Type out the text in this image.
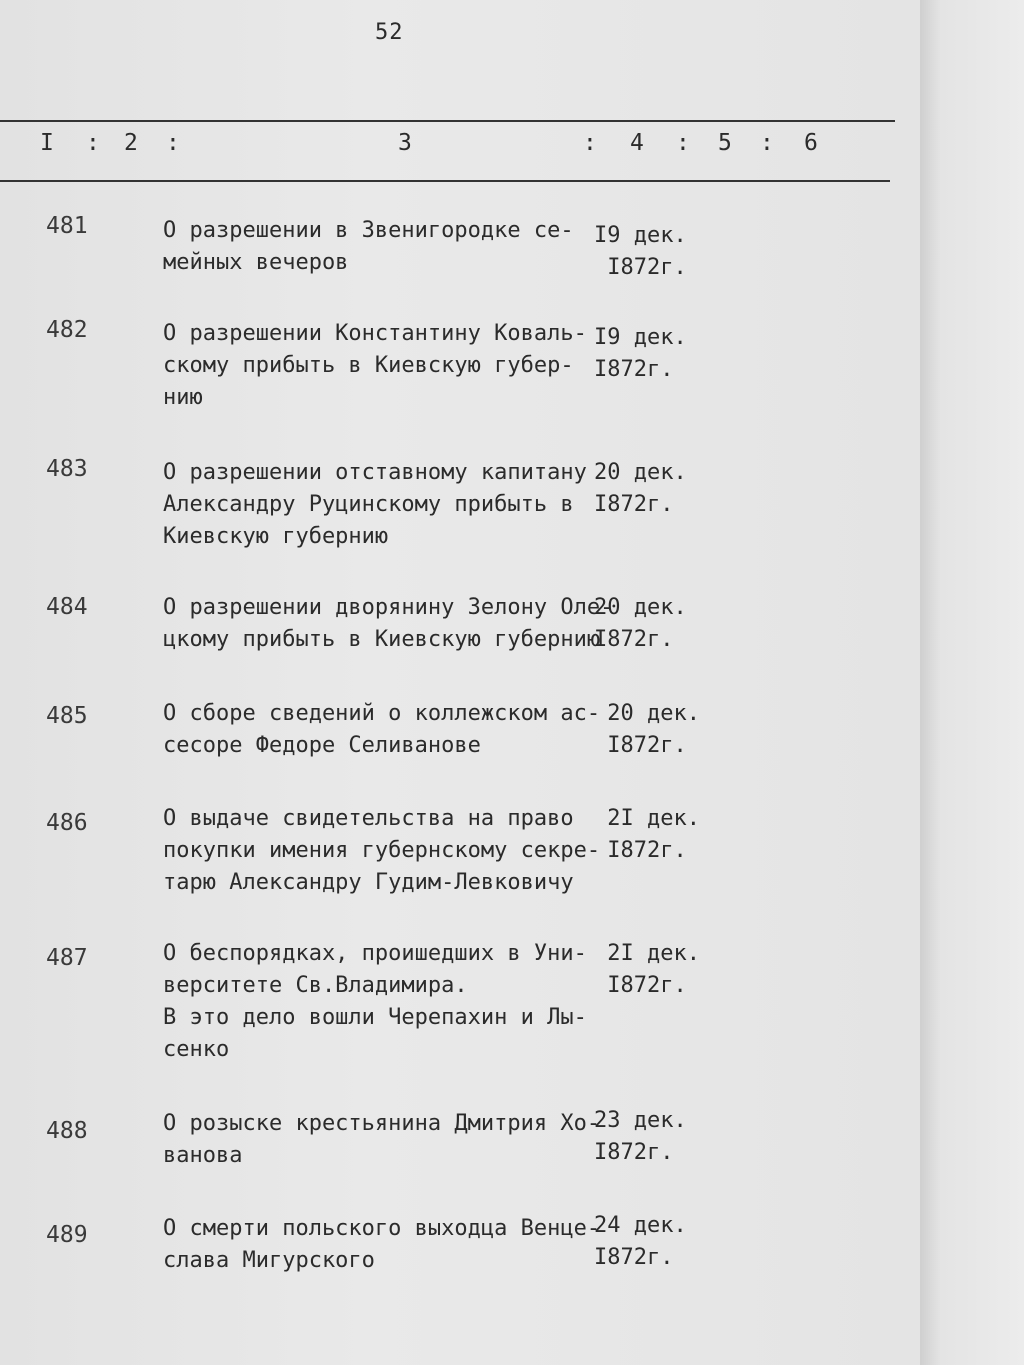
52
I : 2 :	3	: 4 : 5 : 6
481	О разрешении в Звенигородке се-
мейных вечеров
I9 дек.
I872г.
482	О разрешении Константину Коваль-
скому прибыть в Киевскую губер-
нию
I9 дек.
I872г.
483	О разрешении отставному капитану
Александру Руцинскому прибыть в
Киевскую губернию
20 дек.
I872г.
484	О разрешении дворянину Зелону Оле-
цкому прибыть в Киевскую губернию
20 дек.
I872г.
485	О сборе сведений о коллежском ас-
сесоре Федоре Селиванове
20 дек.
I872г.
486	О выдаче свидетельства на право
покупки имения губернскому секре-
тарю Александру Гудим-Левковичу
2I дек.
I872г.
487	О беспорядках, проишедших в Уни-
верситете Св.Владимира.
В это дело вошли Черепахин и Лы-
сенко
2I дек.
I872г.
488	О розыске крестьянина Дмитрия Хо-
ванова
23 дек.
I872г.
489	О смерти польского выходца Венце-
слава Мигурского
24 дек.
I872г.
